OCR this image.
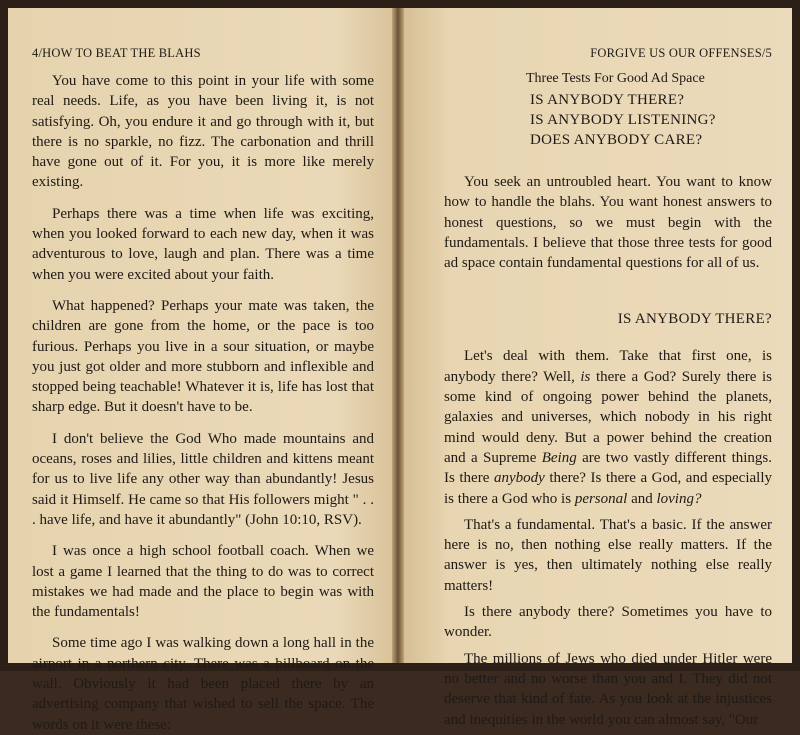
4/HOW TO BEAT THE BLAHS

You have come to this point in your life with some real needs. Life, as you have been living it, is not satisfying. Oh, you endure it and go through with it, but there is no sparkle, no fizz. The carbonation and thrill have gone out of it. For you, it is more like merely existing.

Perhaps there was a time when life was exciting, when you looked forward to each new day, when it was adventurous to love, laugh and plan. There was a time when you were excited about your faith.

What happened? Perhaps your mate was taken, the children are gone from the home, or the pace is too furious. Perhaps you live in a sour situation, or maybe you just got older and more stubborn and inflexible and stopped being teachable! Whatever it is, life has lost that sharp edge. But it doesn't have to be.

I don't believe the God Who made mountains and oceans, roses and lilies, little children and kittens meant for us to live life any other way than abundantly! Jesus said it Himself. He came so that His followers might " . . . have life, and have it abundantly" (John 10:10, RSV).

I was once a high school football coach. When we lost a game I learned that the thing to do was to correct mistakes we had made and the place to begin was with the fundamentals!

Some time ago I was walking down a long hall in the airport in a northern city. There was a billboard on the wall. Obviously it had been placed there by an advertising company that wished to sell the space. The words on it were these:

FORGIVE US OUR OFFENSES/5
Three Tests For Good Ad Space
IS ANYBODY THERE?
IS ANYBODY LISTENING?
DOES ANYBODY CARE?

You seek an untroubled heart. You want to know how to handle the blahs. You want honest answers to honest questions, so we must begin with the fundamentals. I believe that those three tests for good ad space contain fundamental questions for all of us.

IS ANYBODY THERE?

Let's deal with them. Take that first one, is anybody there? Well, is there a God? Surely there is some kind of ongoing power behind the planets, galaxies and universes, which nobody in his right mind would deny. But a power behind the creation and a Supreme Being are two vastly different things. Is there anybody there? Is there a God, and especially is there a God who is personal and loving?

That's a fundamental. That's a basic. If the answer here is no, then nothing else really matters. If the answer is yes, then ultimately nothing else really matters!

Is there anybody there? Sometimes you have to wonder.

The millions of Jews who died under Hitler were no better and no worse than you and I. They did not deserve that kind of fate. As you look at the injustices and inequities in the world you can almost say, "Our
